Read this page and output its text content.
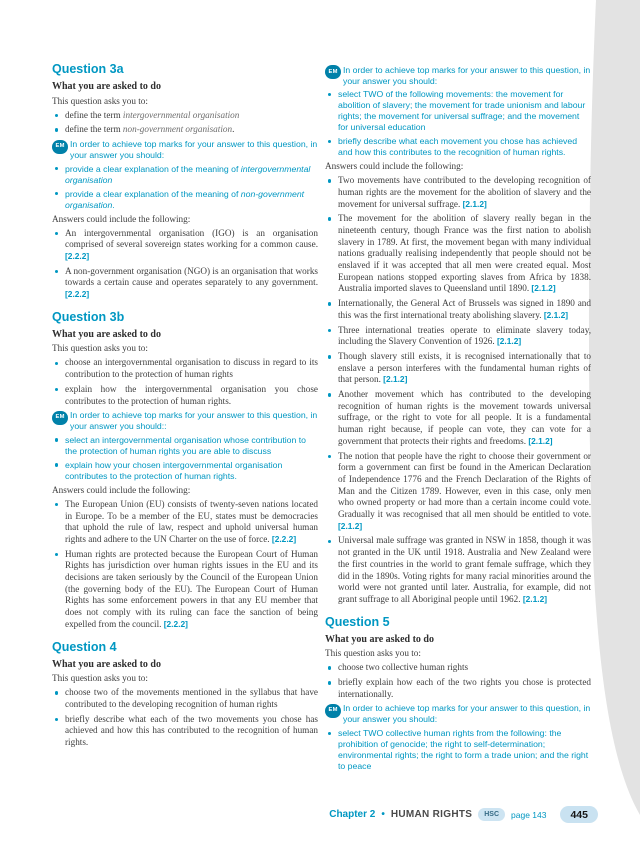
Question 3a

What you are asked to do

This question asks you to:

define the term intergovernmental organisation
define the term non-government organisation.
EM In order to achieve top marks for your answer to this question, in your answer you should:
provide a clear explanation of the meaning of intergovernmental organisation
provide a clear explanation of the meaning of non-government organisation.

Answers could include the following:

An intergovernmental organisation (IGO) is an organisation comprised of several sovereign states working for a common cause. [2.2.2]
A non-government organisation (NGO) is an organisation that works towards a certain cause and operates separately to any government. [2.2.2]
Question 3b

What you are asked to do

This question asks you to:

choose an intergovernmental organisation to discuss in regard to its contribution to the protection of human rights
explain how the intergovernmental organisation you chose contributes to the protection of human rights.
EM In order to achieve top marks for your answer to this question, in your answer you should::
select an intergovernmental organisation whose contribution to the protection of human rights you are able to discuss
explain how your chosen intergovernmental organisation contributes to the protection of human rights.

Answers could include the following:

The European Union (EU) consists of twenty-seven nations located in Europe. To be a member of the EU, states must be democracies that uphold the rule of law, respect and uphold universal human rights and adhere to the UN Charter on the use of force. [2.2.2]
Human rights are protected because the European Court of Human Rights has jurisdiction over human rights issues in the EU and its decisions are taken seriously by the Council of the European Union (the governing body of the EU). The European Court of Human Rights has some enforcement powers in that any EU member that does not comply with its ruling can face the sanction of being expelled from the council. [2.2.2]
Question 4

What you are asked to do

This question asks you to:

choose two of the movements mentioned in the syllabus that have contributed to the developing recognition of human rights
briefly describe what each of the two movements you chose has achieved and how this has contributed to the recognition of human rights.
EM In order to achieve top marks for your answer to this question, in your answer you should:
select TWO of the following movements: the movement for abolition of slavery; the movement for trade unionism and labour rights; the movement for universal suffrage; and the movement for universal education
briefly describe what each movement you chose has achieved and how this contributes to the recognition of human rights.

Answers could include the following:

Two movements have contributed to the developing recognition of human rights are the movement for the abolition of slavery and the movement for universal suffrage. [2.1.2]
The movement for the abolition of slavery really began in the nineteenth century, though France was the first nation to abolish slavery in 1789. At first, the movement began with many individual nations gradually realising independently that people should not be enslaved if it was accepted that all men were created equal. Most European nations stopped exporting slaves from Africa by 1838. Australia imported slaves to Queensland until 1890. [2.1.2]
Internationally, the General Act of Brussels was signed in 1890 and this was the first international treaty abolishing slavery. [2.1.2]
Three international treaties operate to eliminate slavery today, including the Slavery Convention of 1926. [2.1.2]
Though slavery still exists, it is recognised internationally that to enslave a person interferes with the fundamental human rights of that person. [2.1.2]
Another movement which has contributed to the developing recognition of human rights is the movement towards universal suffrage, or the right to vote for all people. It is a fundamental human right because, if people can vote, they can vote for a government that protects their rights and freedoms. [2.1.2]
The notion that people have the right to choose their government or form a government can first be found in the American Declaration of Independence 1776 and the French Declaration of the Rights of Man and the Citizen 1789. However, even in this case, only men who owned property or had more than a certain income could vote. Gradually it was recognised that all men should be entitled to vote. [2.1.2]
Universal male suffrage was granted in NSW in 1858, though it was not granted in the UK until 1918. Australia and New Zealand were the first countries in the world to grant female suffrage, which they did in the 1890s. Voting rights for many racial minorities around the world were not granted until later. Australia, for example, did not grant suffrage to all Aboriginal people until 1962. [2.1.2]
Question 5

What you are asked to do

This question asks you to:

choose two collective human rights
briefly explain how each of the two rights you chose is protected internationally.
EM In order to achieve top marks for your answer to this question, in your answer you should:
select TWO collective human rights from the following: the prohibition of genocide; the right to self-determination; environmental rights; the right to form a trade union; and the right to peace
Chapter 2 • HUMAN RIGHTS	HSC	page 143	445
